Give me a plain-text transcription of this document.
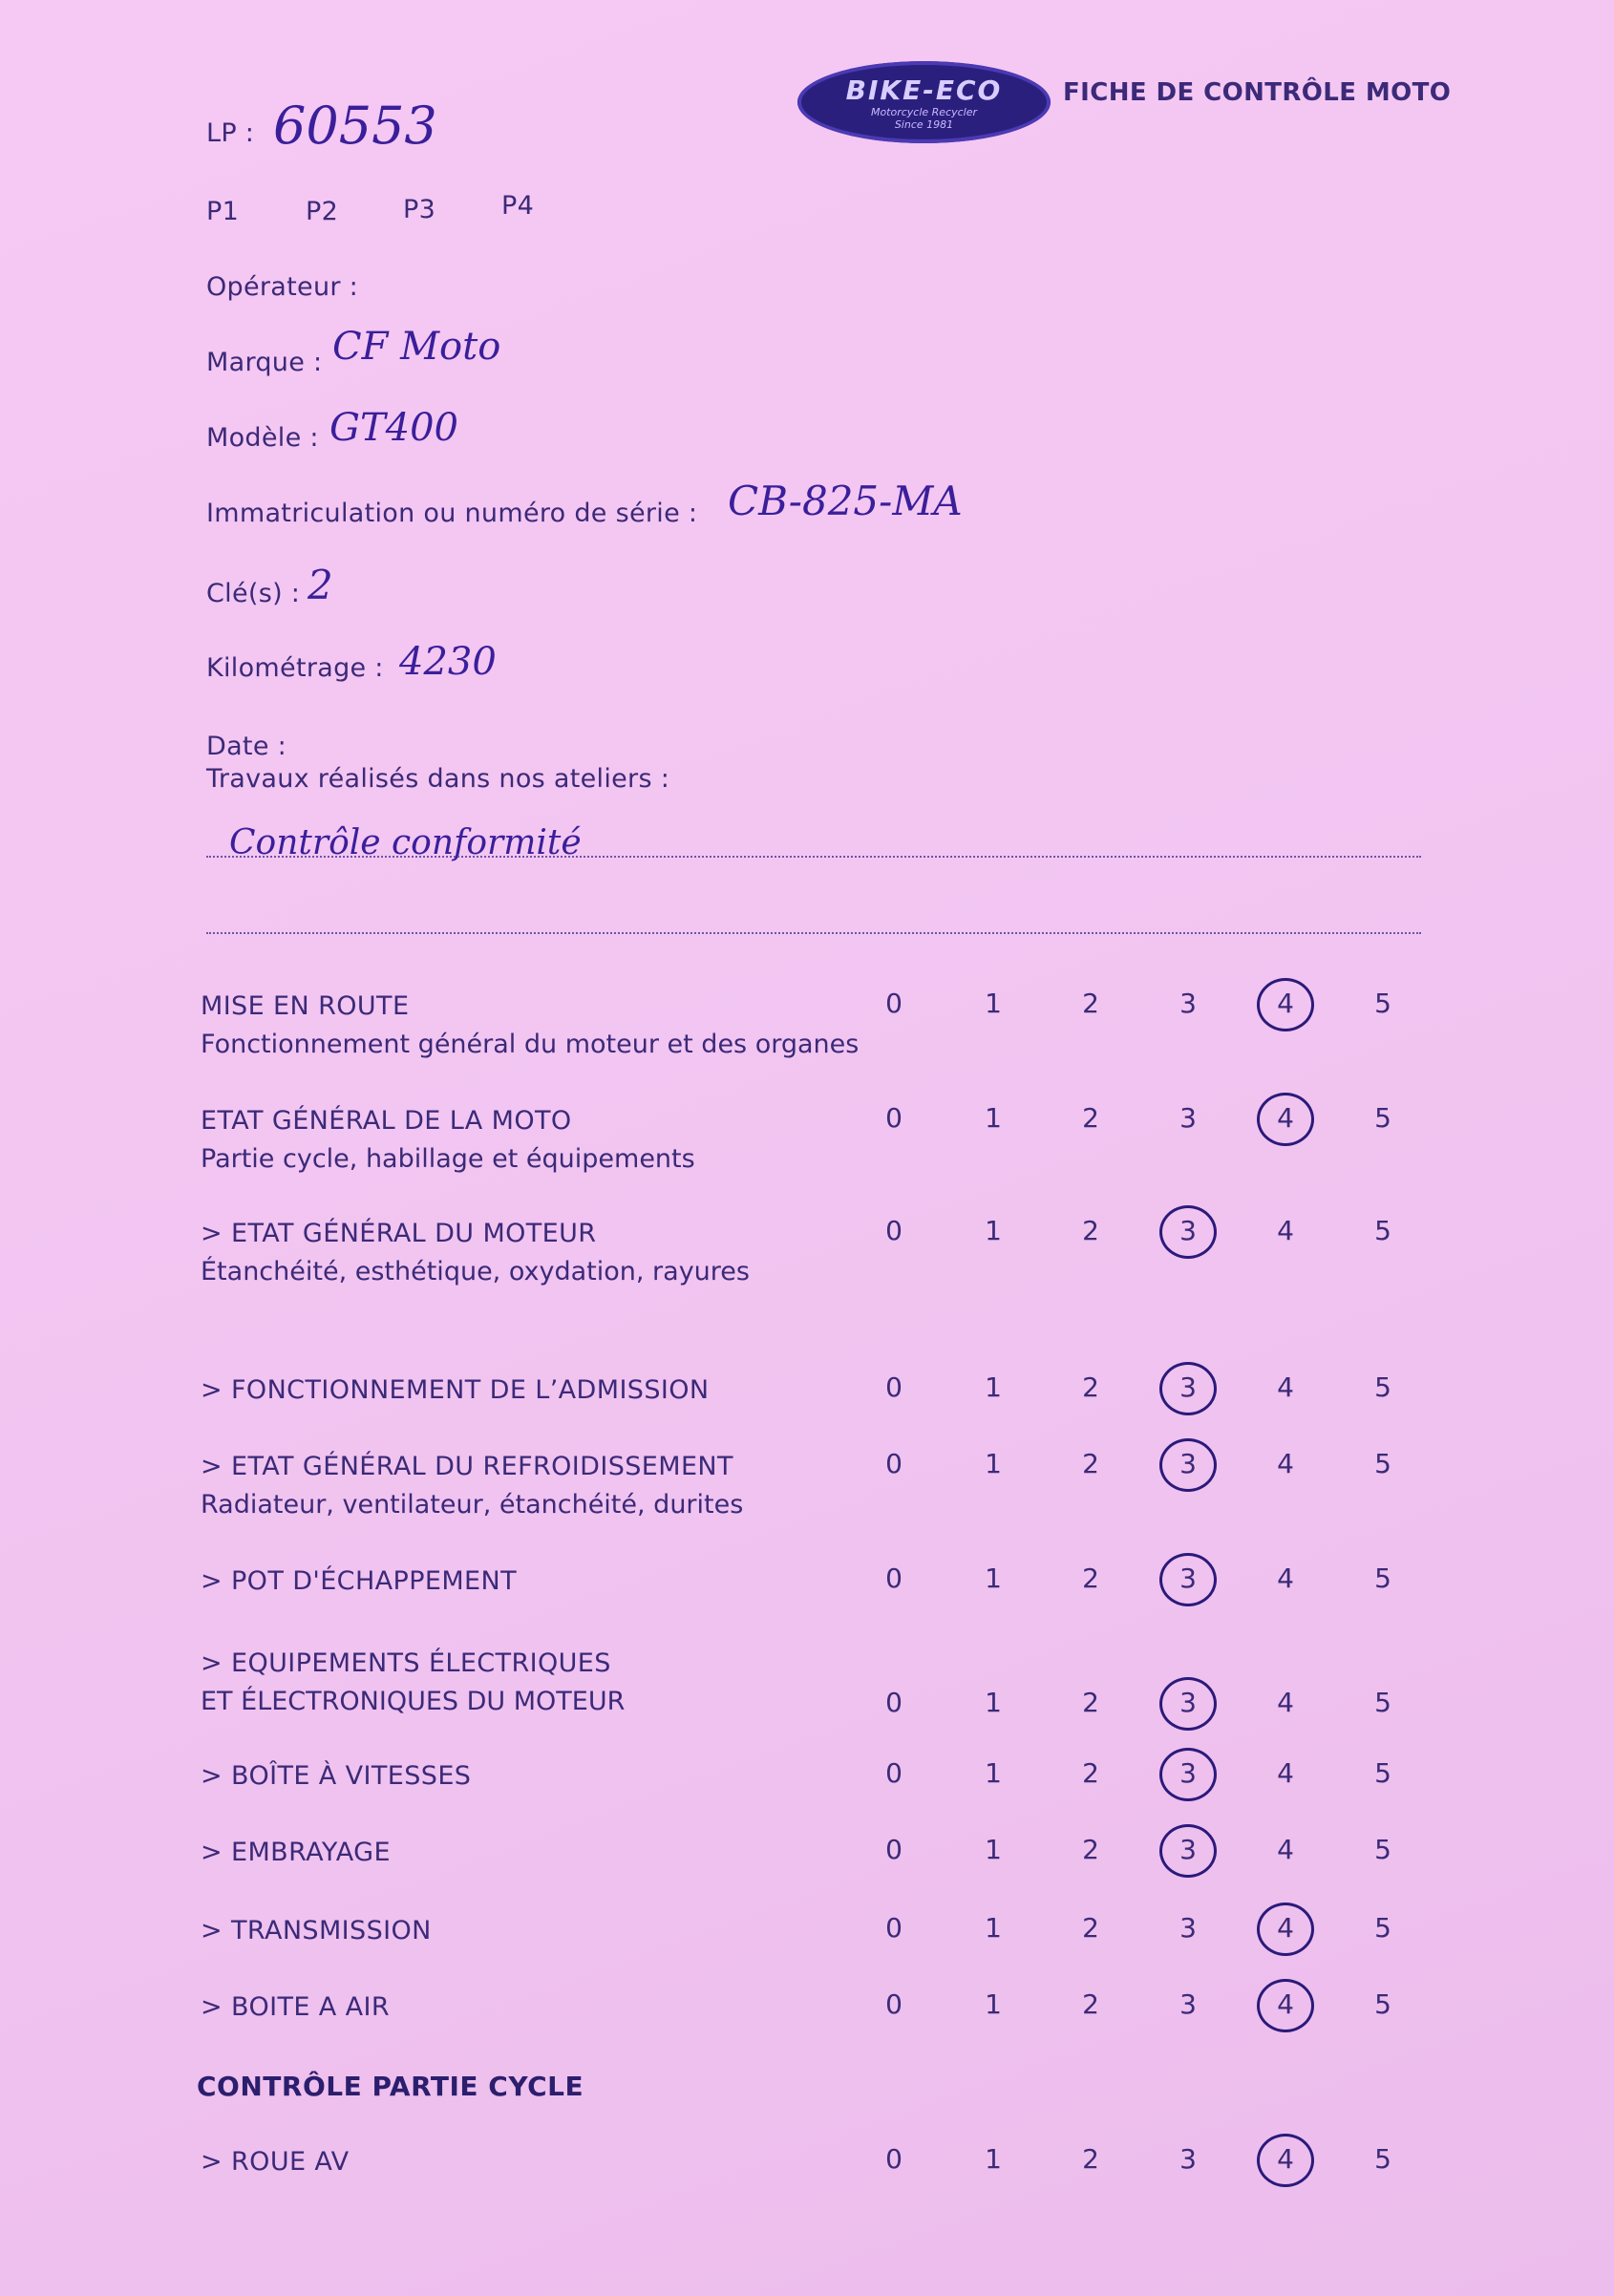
BIKE-ECO
Motorcycle Recycler
Since 1981
FICHE DE CONTRÔLE MOTO
LP : 60553
P1	P2	P3	P4
Opérateur :
Marque : CF Moto
Modèle : GT400
Immatriculation ou numéro de série : CB-825-MA
Clé(s) : 2
Kilométrage : 4230
Date :
Travaux réalisés dans nos ateliers :
Contrôle conformité
MISE EN ROUTE
Fonctionnement général du moteur et des organes
0	1	2	3	4	5
ETAT GÉNÉRAL DE LA MOTO
Partie cycle, habillage et équipements
0	1	2	3	4	5
> ETAT GÉNÉRAL DU MOTEUR
Étanchéité, esthétique, oxydation, rayures
0	1	2	3	4	5
> FONCTIONNEMENT DE L’ADMISSION	0	1	2	3	4	5
> ETAT GÉNÉRAL DU REFROIDISSEMENT
Radiateur, ventilateur, étanchéité, durites
0	1	2	3	4	5
> POT D'ÉCHAPPEMENT	0	1	2	3	4	5
> EQUIPEMENTS ÉLECTRIQUES
ET ÉLECTRONIQUES DU MOTEUR	0	1	2	3	4	5
> BOÎTE À VITESSES	0	1	2	3	4	5
> EMBRAYAGE	0	1	2	3	4	5
> TRANSMISSION	0	1	2	3	4	5
> BOITE A AIR	0	1	2	3	4	5
> ROUE AV	0	1	2	3	4	5
CONTRÔLE PARTIE CYCLE
